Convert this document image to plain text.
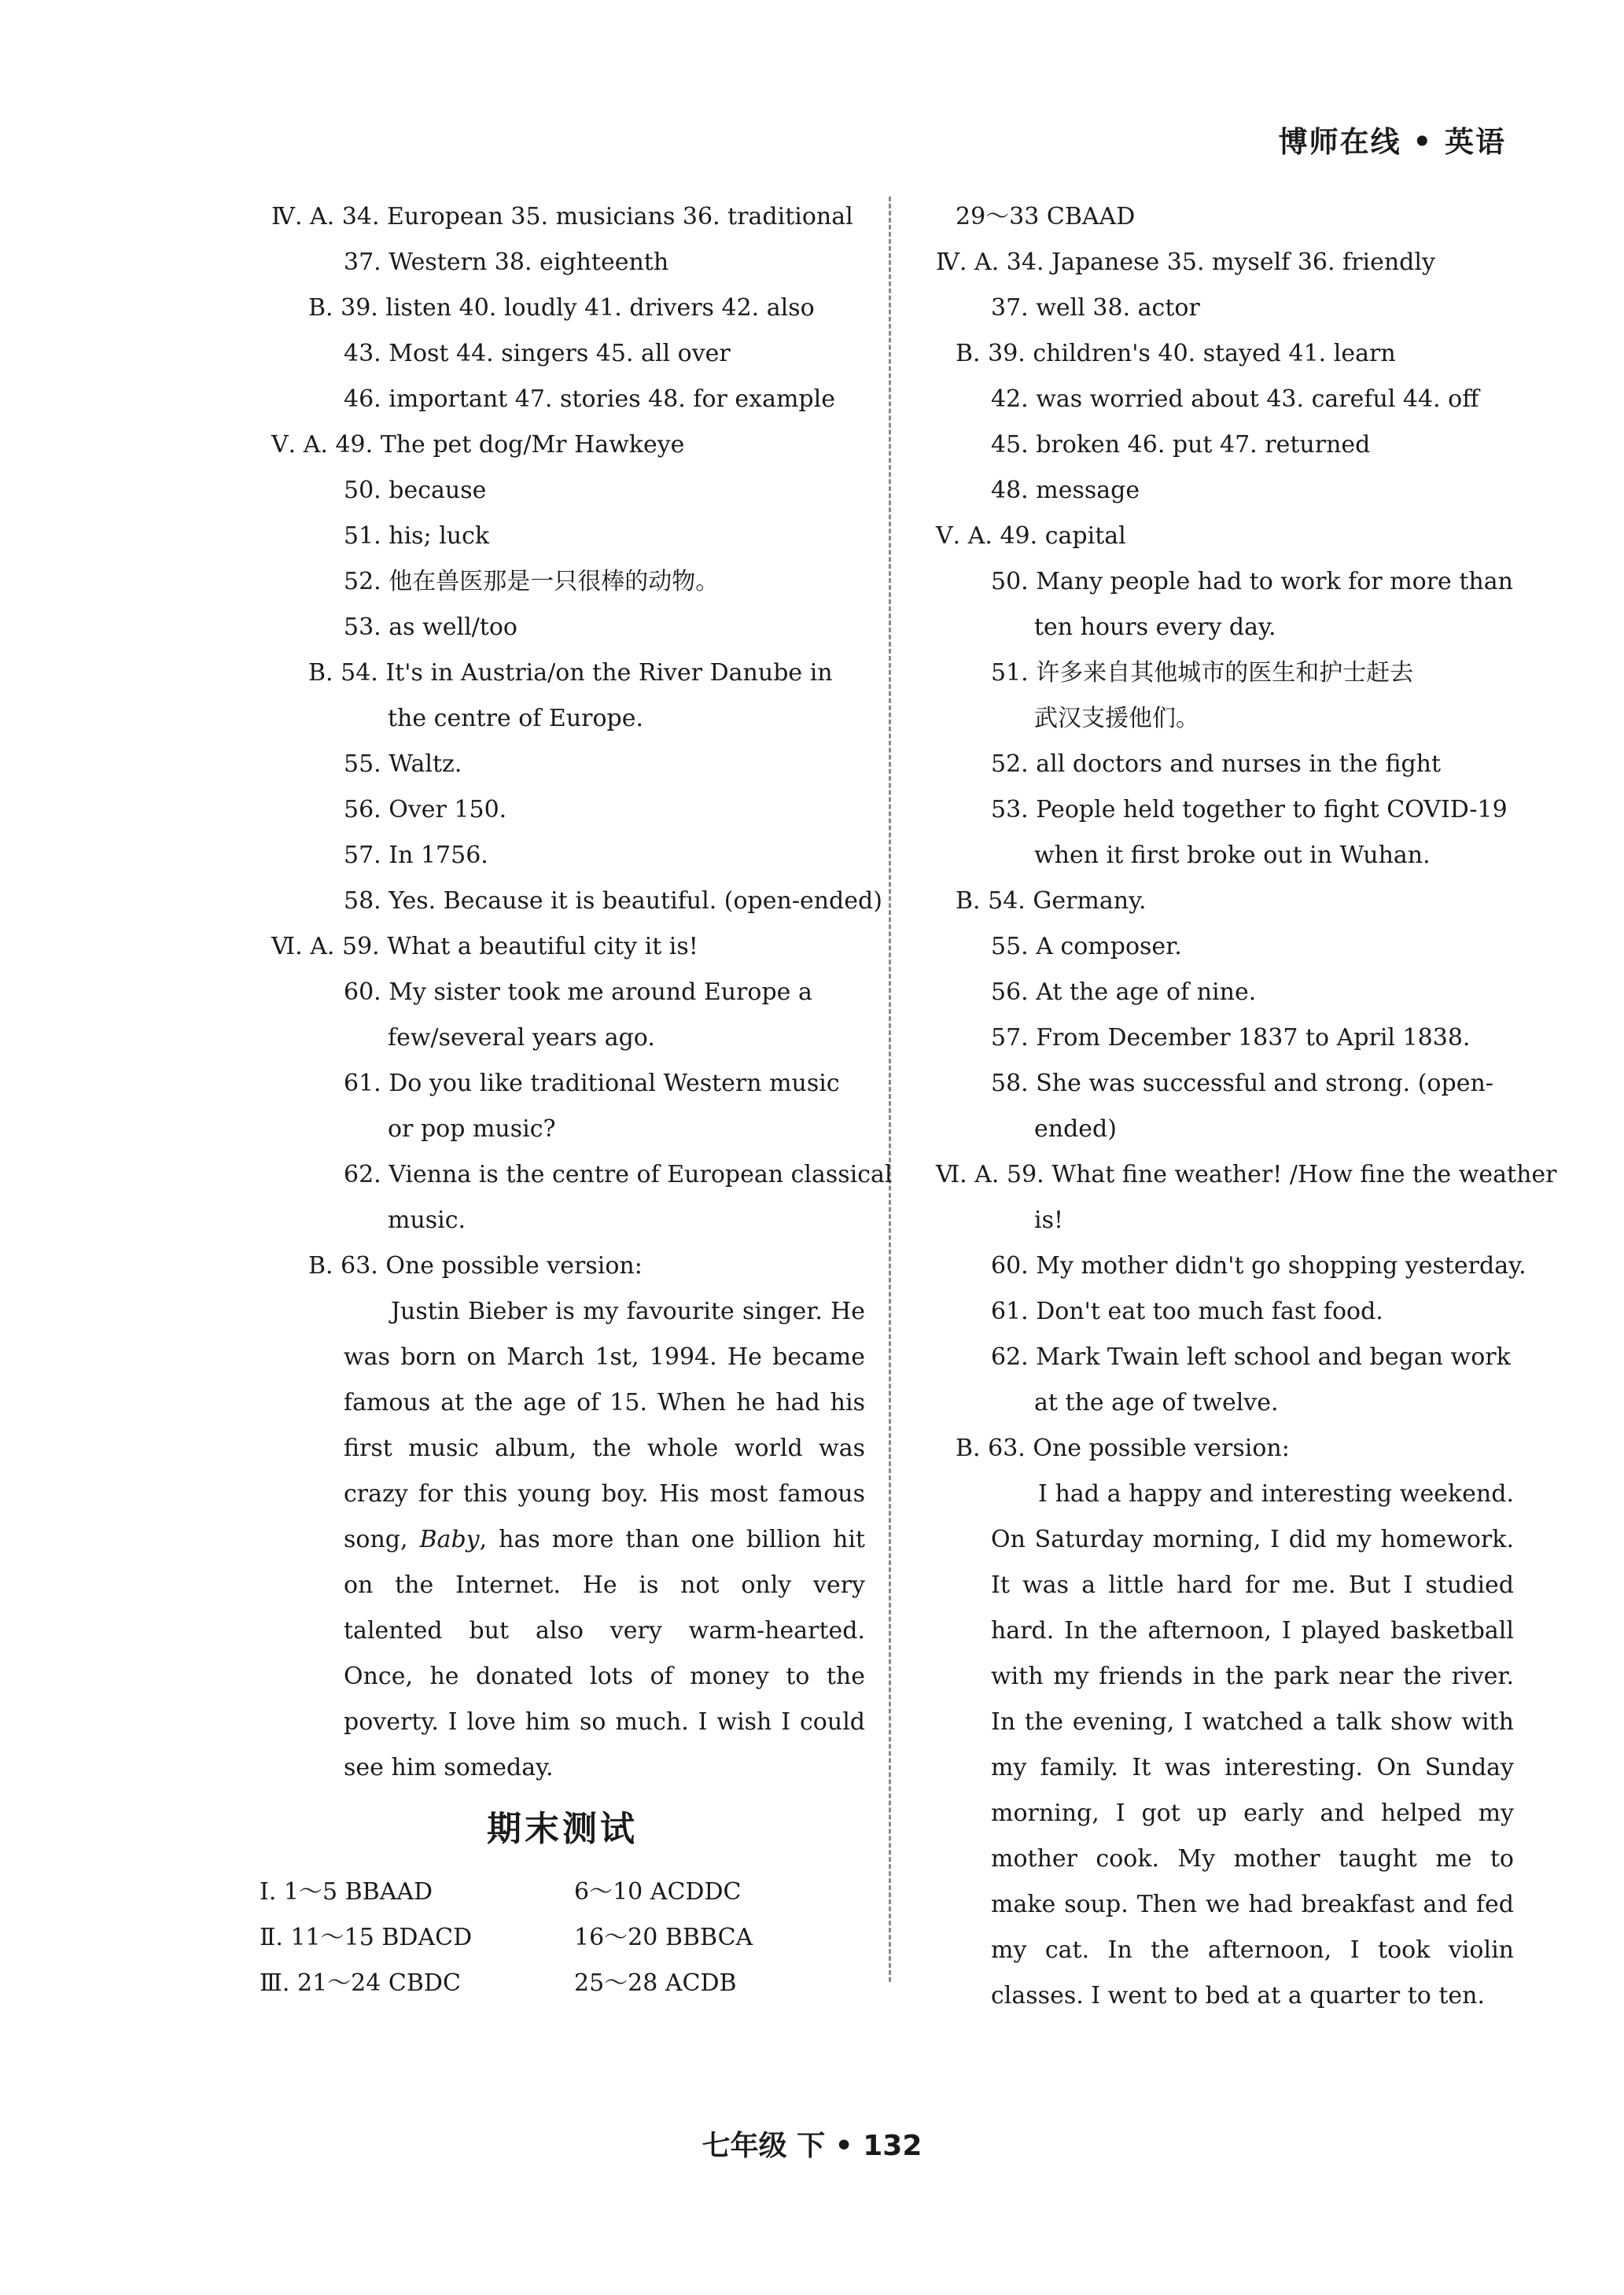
博师在线 • 英语
Ⅳ. A. 34. European 35. musicians 36. traditional
37. Western 38. eighteenth
B. 39. listen 40. loudly 41. drivers 42. also
43. Most 44. singers 45. all over
46. important 47. stories 48. for example
Ⅴ. A. 49. The pet dog/Mr Hawkeye
50. because
51. his; luck
52. 他在兽医那是一只很棒的动物。
53. as well/too
B. 54. It's in Austria/on the River Danube in
the centre of Europe.
55. Waltz.
56. Over 150.
57. In 1756.
58. Yes. Because it is beautiful. (open-ended)
Ⅵ. A. 59. What a beautiful city it is!
60. My sister took me around Europe a
few/several years ago.
61. Do you like traditional Western music
or pop music?
62. Vienna is the centre of European classical
music.
B. 63. One possible version:
Justin Bieber is my favourite singer. He was born on March 1st, 1994. He became famous at the age of 15. When he had his first music album, the whole world was crazy for this young boy. His most famous song, Baby, has more than one billion hit on the Internet. He is not only very talented but also very warm-hearted. Once, he donated lots of money to the poverty. I love him so much. I wish I could see him someday.
期末测试
Ⅰ. 1～5 BBAAD	6～10 ACDDC
Ⅱ. 11～15 BDACD	16～20 BBBCA
Ⅲ. 21～24 CBDC	25～28 ACDB
29～33 CBAAD
Ⅳ. A. 34. Japanese 35. myself 36. friendly
37. well 38. actor
B. 39. children's 40. stayed 41. learn
42. was worried about 43. careful 44. off
45. broken 46. put 47. returned
48. message
Ⅴ. A. 49. capital
50. Many people had to work for more than
ten hours every day.
51. 许多来自其他城市的医生和护士赶去
武汉支援他们。
52. all doctors and nurses in the fight
53. People held together to fight COVID-19
when it first broke out in Wuhan.
B. 54. Germany.
55. A composer.
56. At the age of nine.
57. From December 1837 to April 1838.
58. She was successful and strong. (open-
ended)
Ⅵ. A. 59. What fine weather! /How fine the weather
is!
60. My mother didn't go shopping yesterday.
61. Don't eat too much fast food.
62. Mark Twain left school and began work
at the age of twelve.
B. 63. One possible version:
I had a happy and interesting weekend. On Saturday morning, I did my homework. It was a little hard for me. But I studied hard. In the afternoon, I played basketball with my friends in the park near the river. In the evening, I watched a talk show with my family. It was interesting. On Sunday morning, I got up early and helped my mother cook. My mother taught me to make soup. Then we had breakfast and fed my cat. In the afternoon, I took violin classes. I went to bed at a quarter to ten.
七年级 下 • 132
